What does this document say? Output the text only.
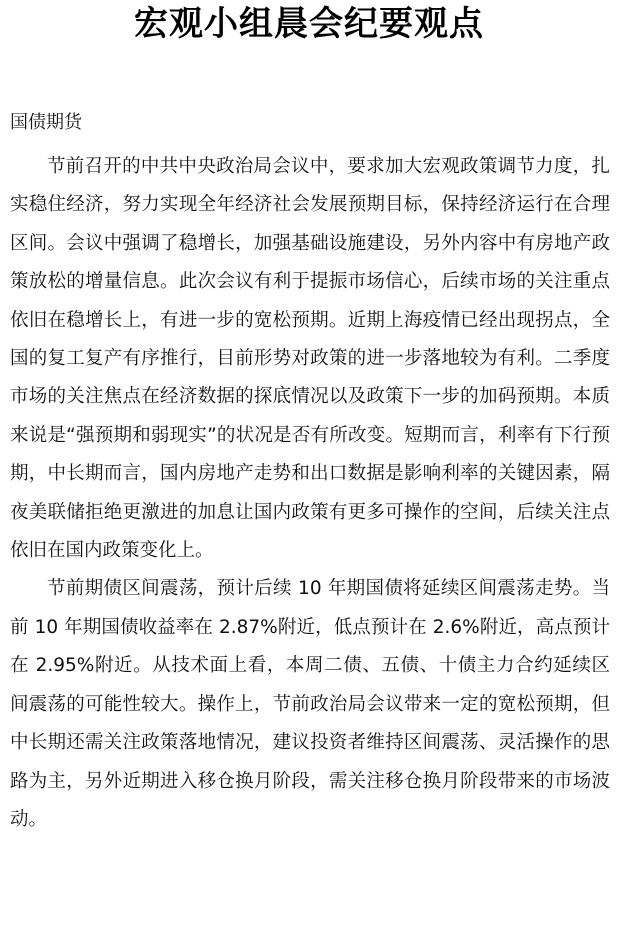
宏观小组晨会纪要观点
国债期货

节前召开的中共中央政治局会议中，要求加大宏观政策调节力度，扎实稳住经济，努力实现全年经济社会发展预期目标，保持经济运行在合理区间。会议中强调了稳增长，加强基础设施建设，另外内容中有房地产政策放松的增量信息。此次会议有利于提振市场信心，后续市场的关注重点依旧在稳增长上，有进一步的宽松预期。近期上海疫情已经出现拐点，全国的复工复产有序推行，目前形势对政策的进一步落地较为有利。二季度市场的关注焦点在经济数据的探底情况以及政策下一步的加码预期。本质来说是“强预期和弱现实”的状况是否有所改变。短期而言，利率有下行预期，中长期而言，国内房地产走势和出口数据是影响利率的关键因素，隔夜美联储拒绝更激进的加息让国内政策有更多可操作的空间，后续关注点依旧在国内政策变化上。

节前期债区间震荡，预计后续 10 年期国债将延续区间震荡走势。当前 10 年期国债收益率在 2.87%附近，低点预计在 2.6%附近，高点预计在 2.95%附近。从技术面上看，本周二债、五债、十债主力合约延续区间震荡的可能性较大。操作上，节前政治局会议带来一定的宽松预期，但中长期还需关注政策落地情况，建议投资者维持区间震荡、灵活操作的思路为主，另外近期进入移仓换月阶段，需关注移仓换月阶段带来的市场波动。
